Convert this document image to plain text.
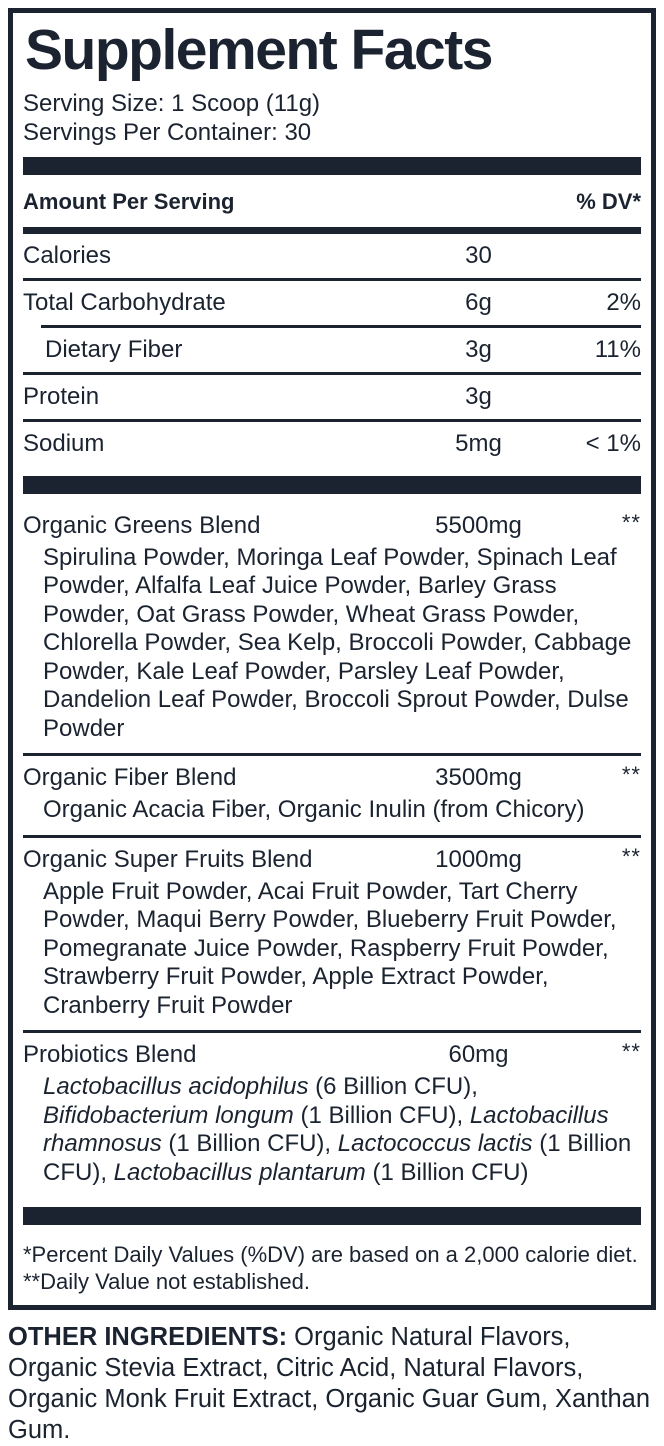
Supplement Facts
Serving Size: 1 Scoop (11g)
Servings Per Container: 30
Amount Per Serving	% DV*
Calories	30
Total Carbohydrate	6g	2%
Dietary Fiber	3g	11%
Protein	3g
Sodium	5mg	< 1%
Organic Greens Blend	5500mg	**
Spirulina Powder, Moringa Leaf Powder, Spinach Leaf Powder, Alfalfa Leaf Juice Powder, Barley Grass Powder, Oat Grass Powder, Wheat Grass Powder, Chlorella Powder, Sea Kelp, Broccoli Powder, Cabbage Powder, Kale Leaf Powder, Parsley Leaf Powder, Dandelion Leaf Powder, Broccoli Sprout Powder, Dulse Powder
Organic Fiber Blend	3500mg	**
Organic Acacia Fiber, Organic Inulin (from Chicory)
Organic Super Fruits Blend	1000mg	**
Apple Fruit Powder, Acai Fruit Powder, Tart Cherry Powder, Maqui Berry Powder, Blueberry Fruit Powder, Pomegranate Juice Powder, Raspberry Fruit Powder, Strawberry Fruit Powder, Apple Extract Powder, Cranberry Fruit Powder
Probiotics Blend	60mg	**
Lactobacillus acidophilus (6 Billion CFU), Bifidobacterium longum (1 Billion CFU), Lactobacillus rhamnosus (1 Billion CFU), Lactococcus lactis (1 Billion CFU), Lactobacillus plantarum (1 Billion CFU)
*Percent Daily Values (%DV) are based on a 2,000 calorie diet.
**Daily Value not established.

OTHER INGREDIENTS: Organic Natural Flavors, Organic Stevia Extract, Citric Acid, Natural Flavors, Organic Monk Fruit Extract, Organic Guar Gum, Xanthan Gum.
